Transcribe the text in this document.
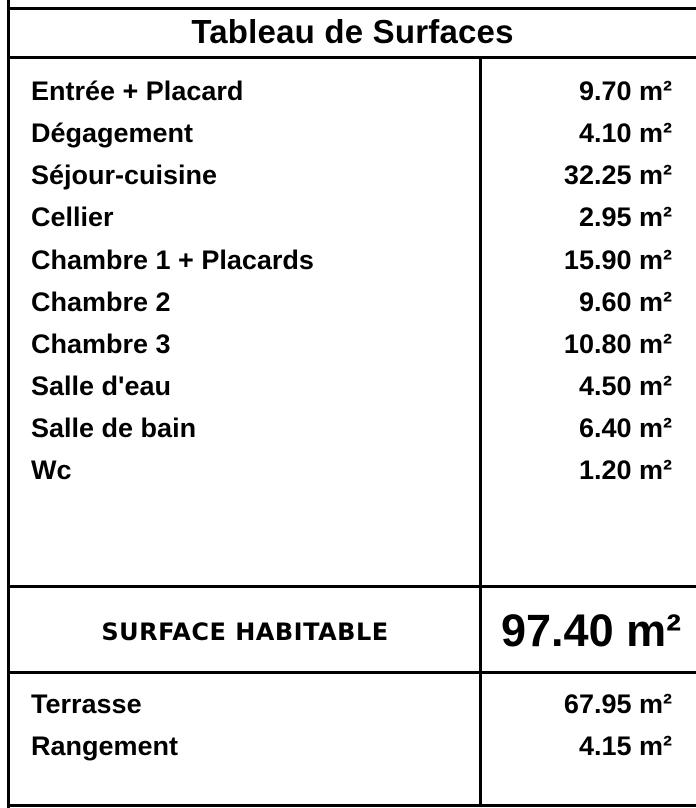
Tableau de Surfaces
Entrée + Placard	9.70 m²
Dégagement	4.10 m²
Séjour-cuisine	32.25 m²
Cellier	2.95 m²
Chambre 1 + Placards	15.90 m²
Chambre 2	9.60 m²
Chambre 3	10.80 m²
Salle d'eau	4.50 m²
Salle de bain	6.40 m²
Wc	1.20 m²
SURFACE HABITABLE	97.40 m²
Terrasse	67.95 m²
Rangement	4.15 m²
